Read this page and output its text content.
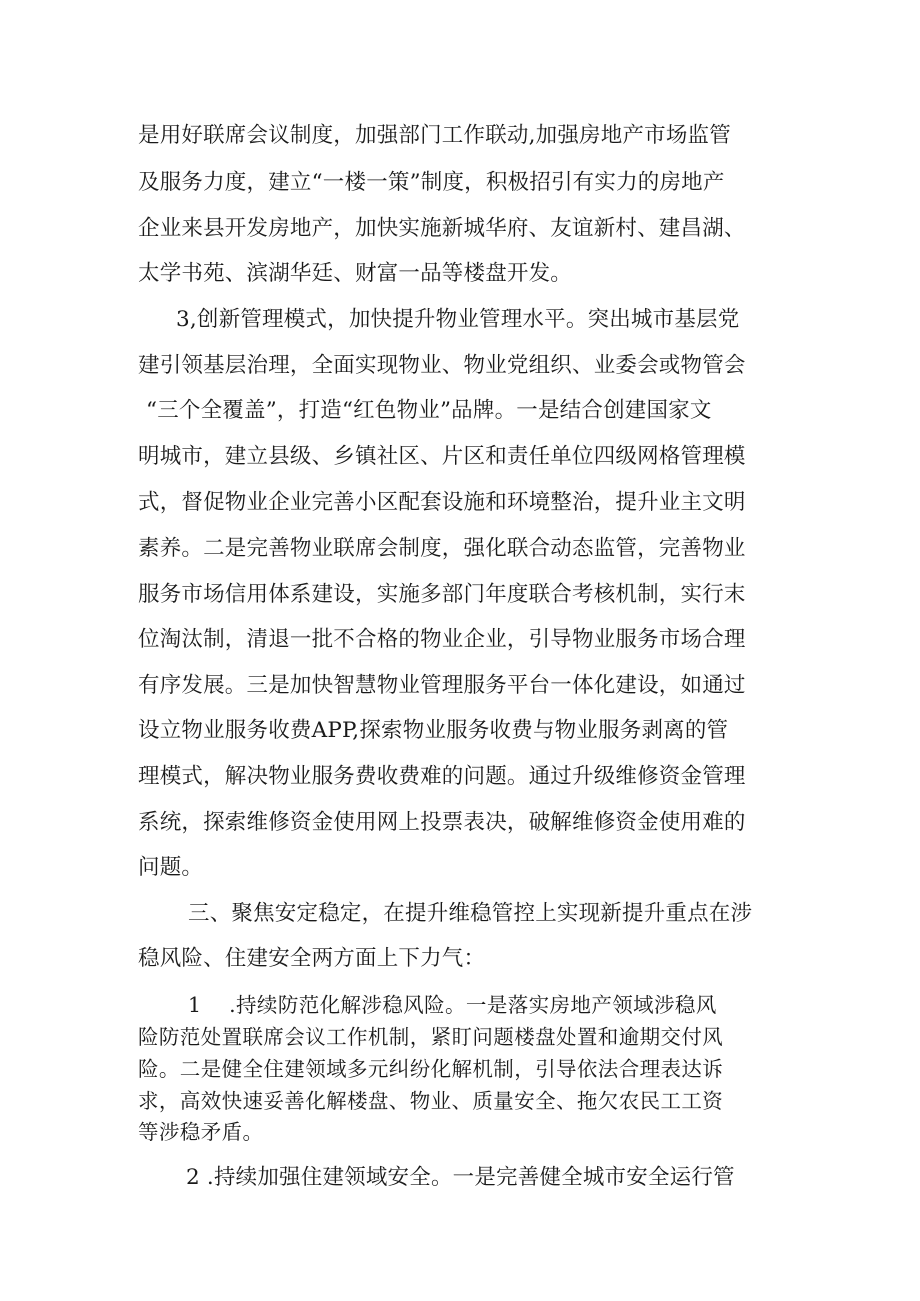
是用好联席会议制度，加强部门工作联动,加强房地产市场监管

及服务力度，建立“一楼一策”制度，积极招引有实力的房地产

企业来县开发房地产，加快实施新城华府、友谊新村、建昌湖、

太学书苑、滨湖华廷、财富一品等楼盘开发。

3,创新管理模式，加快提升物业管理水平。突出城市基层党

建引领基层治理，全面实现物业、物业党组织、业委会或物管会

“三个全覆盖”，打造“红色物业”品牌。一是结合创建国家文

明城市，建立县级、乡镇社区、片区和责任单位四级网格管理模

式，督促物业企业完善小区配套设施和环境整治，提升业主文明

素养。二是完善物业联席会制度，强化联合动态监管，完善物业

服务市场信用体系建设，实施多部门年度联合考核机制，实行末

位淘汰制，清退一批不合格的物业企业，引导物业服务市场合理

有序发展。三是加快智慧物业管理服务平台一体化建设，如通过

设立物业服务收费APP,探索物业服务收费与物业服务剥离的管

理模式，解决物业服务费收费难的问题。通过升级维修资金管理

系统，探索维修资金使用网上投票表决，破解维修资金使用难的

问题。

三、聚焦安定稳定，在提升维稳管控上实现新提升重点在涉

稳风险、住建安全两方面上下力气：

1    .持续防范化解涉稳风险。一是落实房地产领域涉稳风

险防范处置联席会议工作机制，紧盯问题楼盘处置和逾期交付风

险。二是健全住建领域多元纠纷化解机制，引导依法合理表达诉

求，高效快速妥善化解楼盘、物业、质量安全、拖欠农民工工资

等涉稳矛盾。

2 .持续加强住建领域安全。一是完善健全城市安全运行管
